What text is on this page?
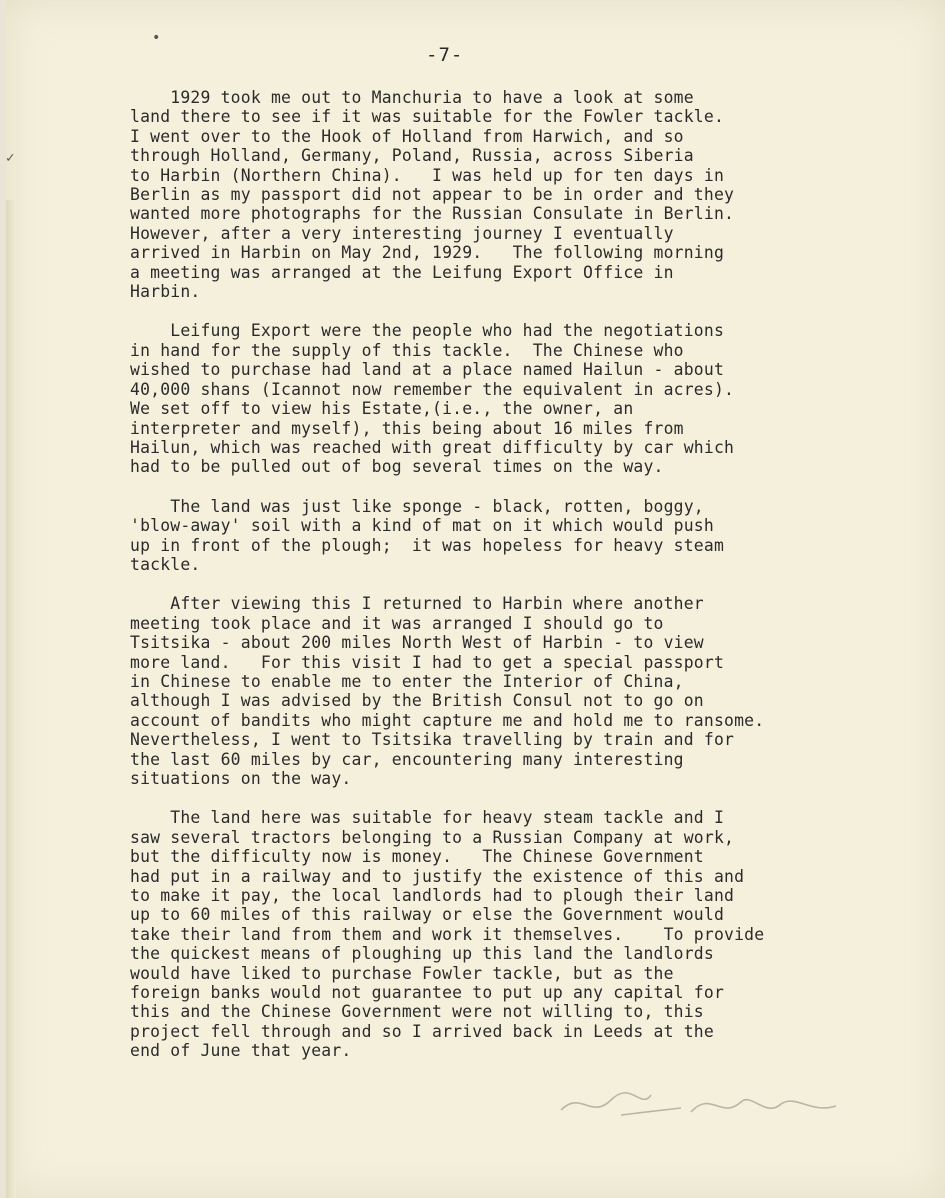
-7-
1929 took me out to Manchuria to have a look at some
land there to see if it was suitable for the Fowler tackle.
I went over to the Hook of Holland from Harwich, and so
through Holland, Germany, Poland, Russia, across Siberia
to Harbin (Northern China).   I was held up for ten days in
Berlin as my passport did not appear to be in order and they
wanted more photographs for the Russian Consulate in Berlin.
However, after a very interesting journey I eventually
arrived in Harbin on May 2nd, 1929.   The following morning
a meeting was arranged at the Leifung Export Office in
Harbin.
Leifung Export were the people who had the negotiations
in hand for the supply of this tackle.  The Chinese who
wished to purchase had land at a place named Hailun - about
40,000 shans (Icannot now remember the equivalent in acres).
We set off to view his Estate,(i.e., the owner, an
interpreter and myself), this being about 16 miles from
Hailun, which was reached with great difficulty by car which
had to be pulled out of bog several times on the way.
The land was just like sponge - black, rotten, boggy,
'blow-away' soil with a kind of mat on it which would push
up in front of the plough;  it was hopeless for heavy steam
tackle.
After viewing this I returned to Harbin where another
meeting took place and it was arranged I should go to
Tsitsika - about 200 miles North West of Harbin - to view
more land.   For this visit I had to get a special passport
in Chinese to enable me to enter the Interior of China,
although I was advised by the British Consul not to go on
account of bandits who might capture me and hold me to ransome.
Nevertheless, I went to Tsitsika travelling by train and for
the last 60 miles by car, encountering many interesting
situations on the way.
The land here was suitable for heavy steam tackle and I
saw several tractors belonging to a Russian Company at work,
but the difficulty now is money.   The Chinese Government
had put in a railway and to justify the existence of this and
to make it pay, the local landlords had to plough their land
up to 60 miles of this railway or else the Government would
take their land from them and work it themselves.    To provide
the quickest means of ploughing up this land the landlords
would have liked to purchase Fowler tackle, but as the
foreign banks would not guarantee to put up any capital for
this and the Chinese Government were not willing to, this
project fell through and so I arrived back in Leeds at the
end of June that year.
•
✓
